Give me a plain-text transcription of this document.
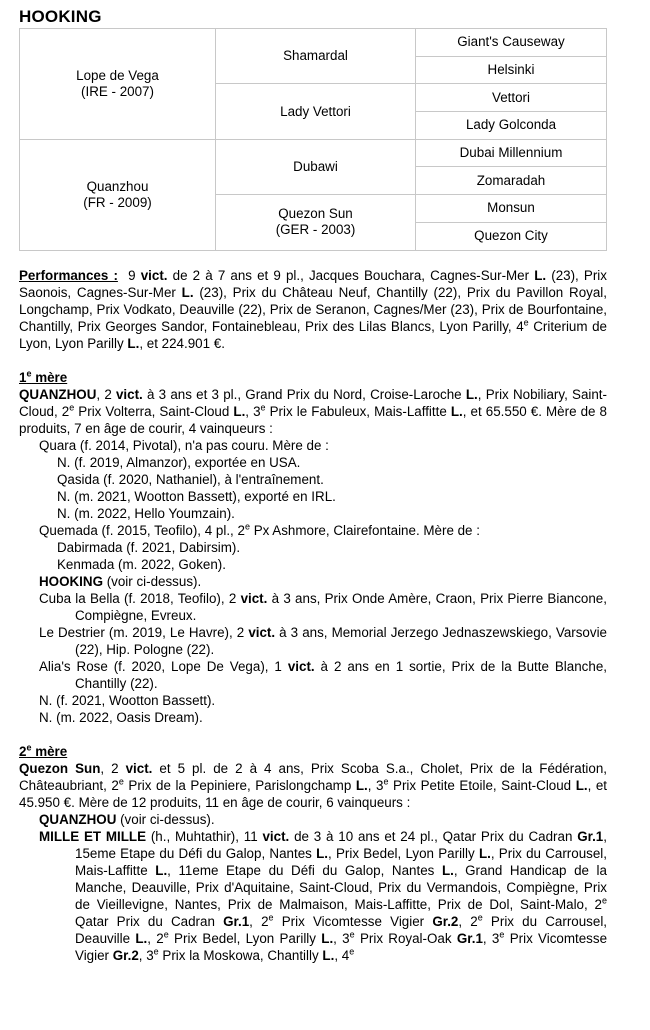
HOOKING
Lope de Vega
(IRE - 2007)	Shamardal	Giant's Causeway
		Helsinki
	Lady Vettori	Vettori
		Lady Golconda

Quanzhou
(FR - 2009)	Dubawi	Dubai Millennium
		Zomaradah

	Quezon Sun
(GER - 2003)	Monsun
		Quezon City

Performances : 9 vict. de 2 à 7 ans et 9 pl., Jacques Bouchara, Cagnes-Sur-Mer L. (23), Prix Saonois, Cagnes-Sur-Mer L. (23), Prix du Château Neuf, Chantilly (22), Prix du Pavillon Royal, Longchamp, Prix Vodkato, Deauville (22), Prix de Seranon, Cagnes/Mer (23), Prix de Bourfontaine, Chantilly, Prix Georges Sandor, Fontainebleau, Prix des Lilas Blancs, Lyon Parilly, 4e Criterium de Lyon, Lyon Parilly L., et 224.901 €.

1e mère

QUANZHOU, 2 vict. à 3 ans et 3 pl., Grand Prix du Nord, Croise-Laroche L., Prix Nobiliary, Saint-Cloud, 2e Prix Volterra, Saint-Cloud L., 3e Prix le Fabuleux, Mais-Laffitte L., et 65.550 €. Mère de 8 produits, 7 en âge de courir, 4 vainqueurs :

Quara (f. 2014, Pivotal), n'a pas couru. Mère de :

N. (f. 2019, Almanzor), exportée en USA.

Qasida (f. 2020, Nathaniel), à l'entraînement.

N. (m. 2021, Wootton Bassett), exporté en IRL.

N. (m. 2022, Hello Youmzain).

Quemada (f. 2015, Teofilo), 4 pl., 2e Px Ashmore, Clairefontaine. Mère de :

Dabirmada (f. 2021, Dabirsim).

Kenmada (m. 2022, Goken).

HOOKING (voir ci-dessus).

Cuba la Bella (f. 2018, Teofilo), 2 vict. à 3 ans, Prix Onde Amère, Craon, Prix Pierre Biancone, Compiègne, Evreux.

Le Destrier (m. 2019, Le Havre), 2 vict. à 3 ans, Memorial Jerzego Jednaszewskiego, Varsovie (22), Hip. Pologne (22).

Alia's Rose (f. 2020, Lope De Vega), 1 vict. à 2 ans en 1 sortie, Prix de la Butte Blanche, Chantilly (22).

N. (f. 2021, Wootton Bassett).

N. (m. 2022, Oasis Dream).

2e mère

Quezon Sun, 2 vict. et 5 pl. de 2 à 4 ans, Prix Scoba S.a., Cholet, Prix de la Fédération, Châteaubriant, 2e Prix de la Pepiniere, Parislongchamp L., 3e Prix Petite Etoile, Saint-Cloud L., et 45.950 €. Mère de 12 produits, 11 en âge de courir, 6 vainqueurs :

QUANZHOU (voir ci-dessus).

MILLE ET MILLE (h., Muhtathir), 11 vict. de 3 à 10 ans et 24 pl., Qatar Prix du Cadran Gr.1, 15eme Etape du Défi du Galop, Nantes L., Prix Bedel, Lyon Parilly L., Prix du Carrousel, Mais-Laffitte L., 11eme Etape du Défi du Galop, Nantes L., Grand Handicap de la Manche, Deauville, Prix d'Aquitaine, Saint-Cloud, Prix du Vermandois, Compiègne, Prix de Vieillevigne, Nantes, Prix de Malmaison, Mais-Laffitte, Prix de Dol, Saint-Malo, 2e Qatar Prix du Cadran Gr.1, 2e Prix Vicomtesse Vigier Gr.2, 2e Prix du Carrousel, Deauville L., 2e Prix Bedel, Lyon Parilly L., 3e Prix Royal-Oak Gr.1, 3e Prix Vicomtesse Vigier Gr.2, 3e Prix la Moskowa, Chantilly L., 4e
